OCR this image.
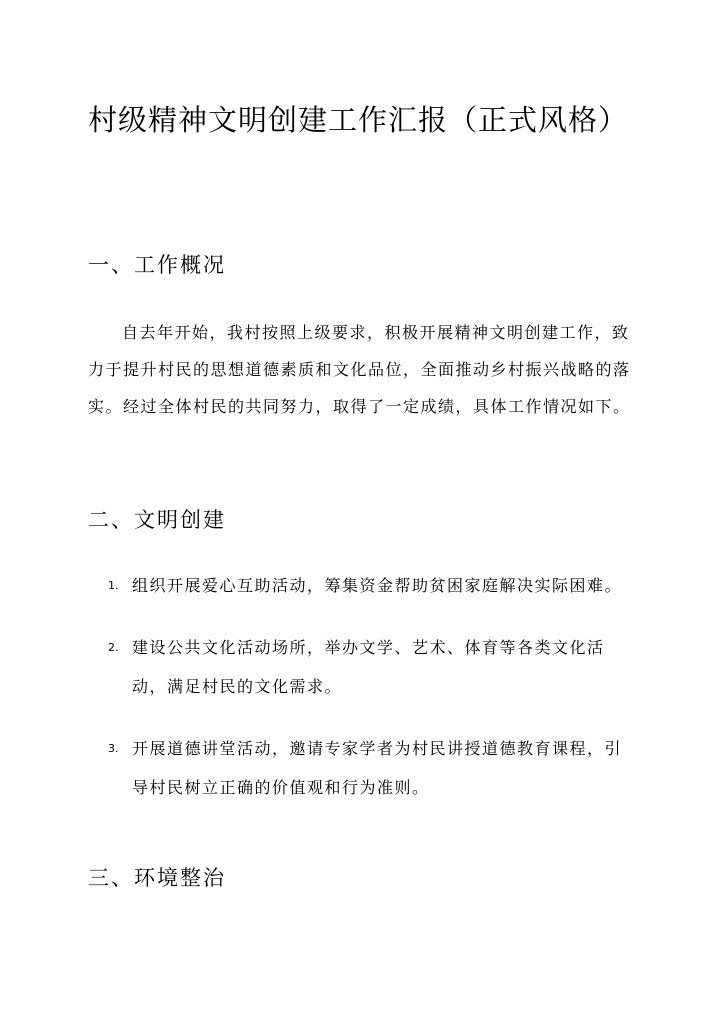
村级精神文明创建工作汇报（正式风格）
一、工作概况

自去年开始，我村按照上级要求，积极开展精神文明创建工作，致力于提升村民的思想道德素质和文化品位，全面推动乡村振兴战略的落实。经过全体村民的共同努力，取得了一定成绩，具体工作情况如下。

二、文明创建
1. 组织开展爱心互助活动，筹集资金帮助贫困家庭解决实际困难。
2. 建设公共文化活动场所，举办文学、艺术、体育等各类文化活动，满足村民的文化需求。
3. 开展道德讲堂活动，邀请专家学者为村民讲授道德教育课程，引导村民树立正确的价值观和行为准则。
三、环境整治
